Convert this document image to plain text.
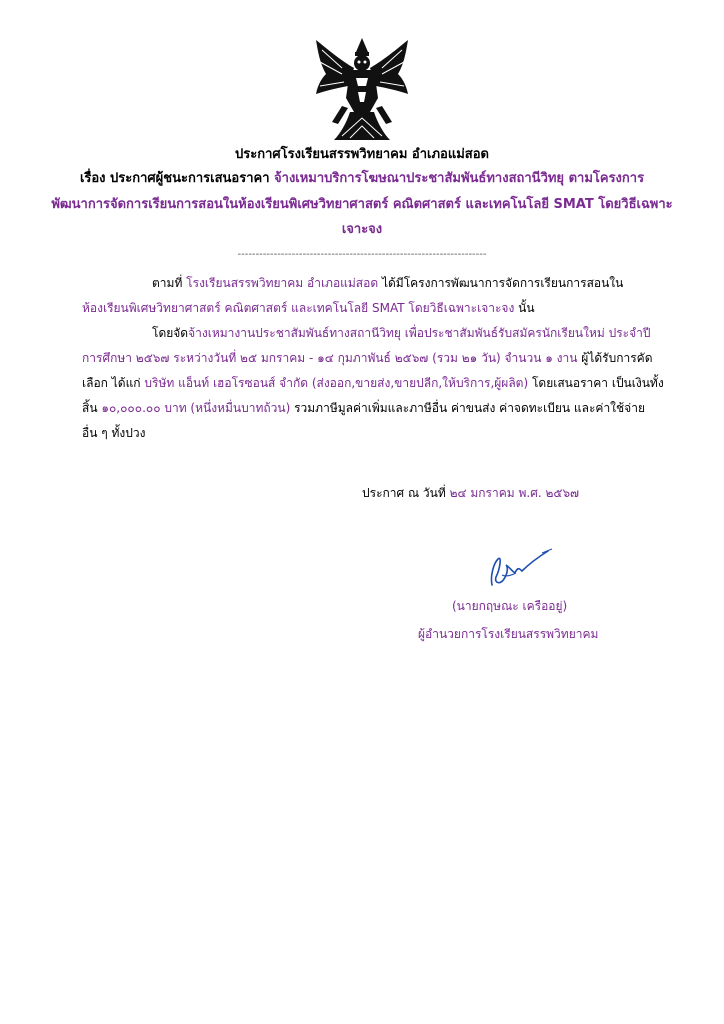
ประกาศโรงเรียนสรรพวิทยาคม อำเภอแม่สอด
เรื่อง ประกาศผู้ชนะการเสนอราคา จ้างเหมาบริการโฆษณาประชาสัมพันธ์ทางสถานีวิทยุ ตามโครงการ
พัฒนาการจัดการเรียนการสอนในห้องเรียนพิเศษวิทยาศาสตร์ คณิตศาสตร์ และเทคโนโลยี SMAT โดยวิธีเฉพาะ
เจาะจง
---------------------------------------------------------------------
ตามที่ โรงเรียนสรรพวิทยาคม อำเภอแม่สอด ได้มีโครงการพัฒนาการจัดการเรียนการสอนใน
ห้องเรียนพิเศษวิทยาศาสตร์ คณิตศาสตร์ และเทคโนโลยี SMAT โดยวิธีเฉพาะเจาะจง นั้น
โดยจัดจ้างเหมางานประชาสัมพันธ์ทางสถานีวิทยุ เพื่อประชาสัมพันธ์รับสมัครนักเรียนใหม่ ประจำปี
การศึกษา ๒๕๖๗ ระหว่างวันที่ ๒๕ มกราคม - ๑๔ กุมภาพันธ์ ๒๕๖๗ (รวม ๒๑ วัน) จำนวน ๑ งาน ผู้ได้รับการคัด
เลือก ได้แก่ บริษัท แอ็นท์ เฮอโรซอนส์ จำกัด (ส่งออก,ขายส่ง,ขายปลีก,ให้บริการ,ผู้ผลิต) โดยเสนอราคา เป็นเงินทั้ง
สิ้น ๑๐,๐๐๐.๐๐ บาท (หนึ่งหมื่นบาทถ้วน) รวมภาษีมูลค่าเพิ่มและภาษีอื่น ค่าขนส่ง ค่าจดทะเบียน และค่าใช้จ่าย
อื่น ๆ ทั้งปวง
ประกาศ ณ วันที่ ๒๔ มกราคม พ.ศ. ๒๕๖๗
(นายกฤษณะ เครืออยู่)
ผู้อำนวยการโรงเรียนสรรพวิทยาคม
